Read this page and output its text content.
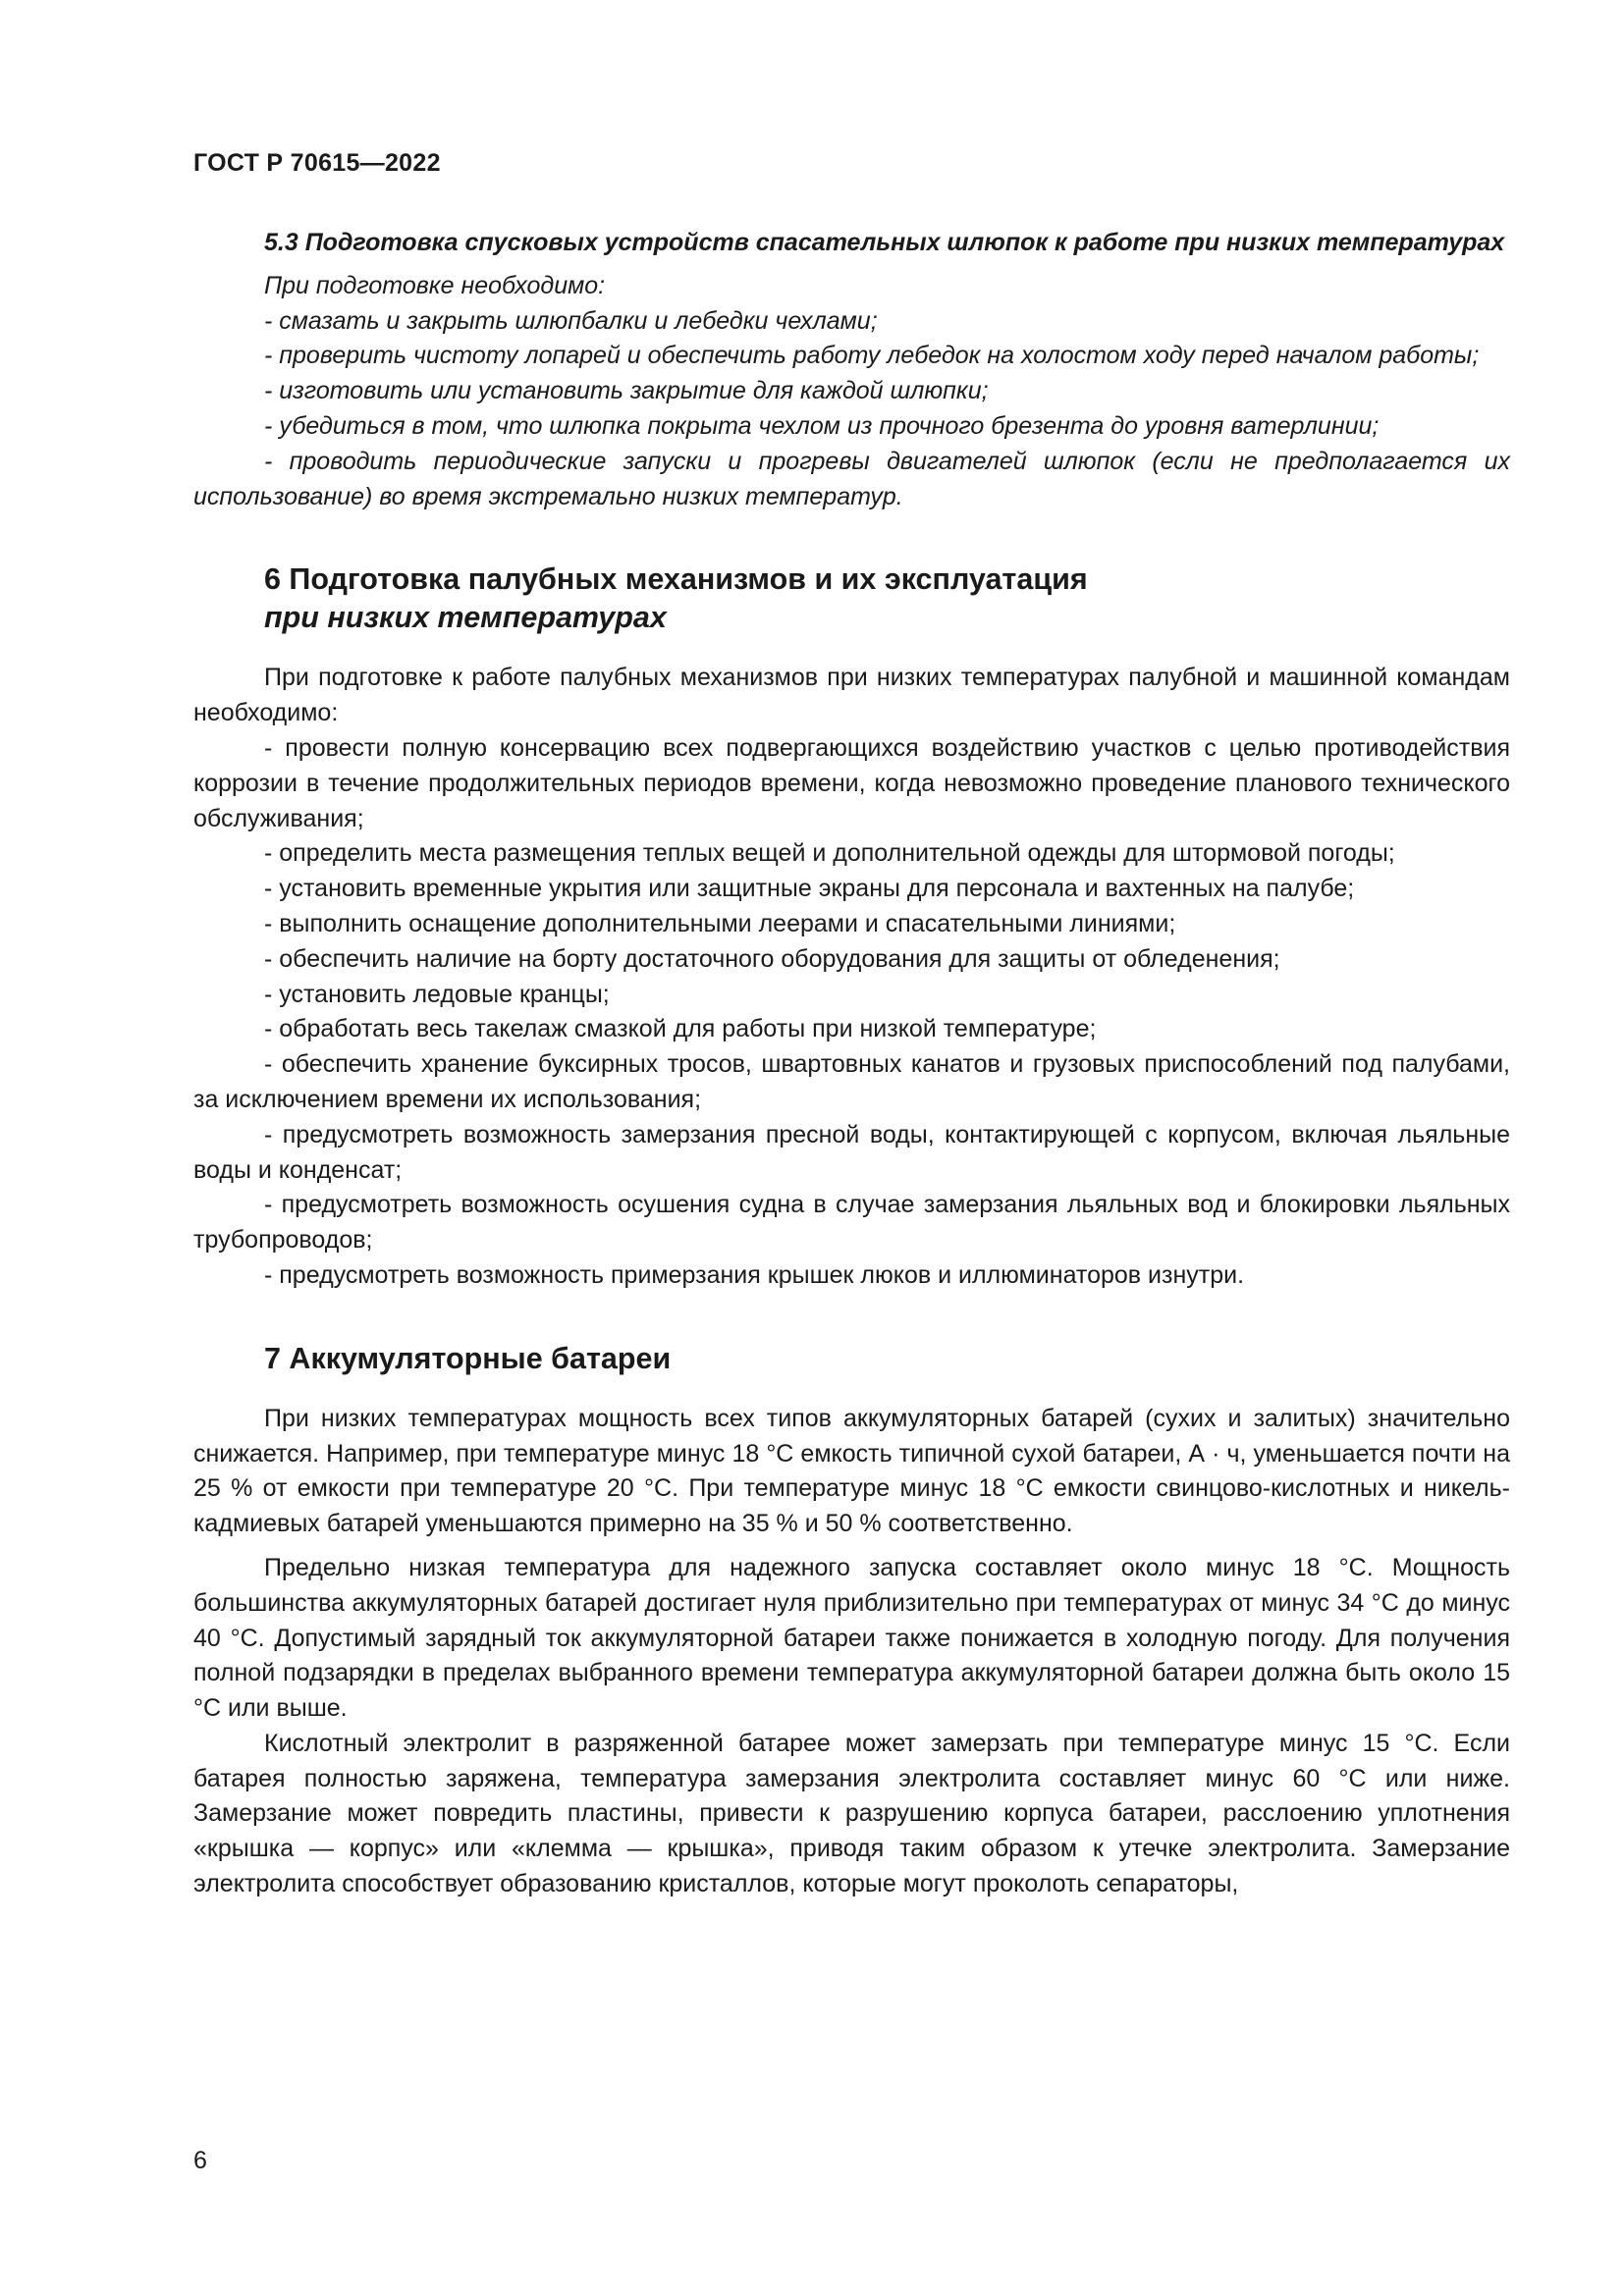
ГОСТ Р 70615—2022

5.3 Подготовка спусковых устройств спасательных шлюпок к работе при низких температурах

При подготовке необходимо:

- смазать и закрыть шлюпбалки и лебедки чехлами;

- проверить чистоту лопарей и обеспечить работу лебедок на холостом ходу перед началом работы;

- изготовить или установить закрытие для каждой шлюпки;

- убедиться в том, что шлюпка покрыта чехлом из прочного брезента до уровня ватерлинии;

- проводить периодические запуски и прогревы двигателей шлюпок (если не предполагается их использование) во время экстремально низких температур.

6 Подготовка палубных механизмов и их эксплуатация
при низких температурах

При подготовке к работе палубных механизмов при низких температурах палубной и машинной командам необходимо:

- провести полную консервацию всех подвергающихся воздействию участков с целью противодействия коррозии в течение продолжительных периодов времени, когда невозможно проведение планового технического обслуживания;

- определить места размещения теплых вещей и дополнительной одежды для штормовой погоды;

- установить временные укрытия или защитные экраны для персонала и вахтенных на палубе;

- выполнить оснащение дополнительными леерами и спасательными линиями;

- обеспечить наличие на борту достаточного оборудования для защиты от обледенения;

- установить ледовые кранцы;

- обработать весь такелаж смазкой для работы при низкой температуре;

- обеспечить хранение буксирных тросов, швартовных канатов и грузовых приспособлений под палубами, за исключением времени их использования;

- предусмотреть возможность замерзания пресной воды, контактирующей с корпусом, включая льяльные воды и конденсат;

- предусмотреть возможность осушения судна в случае замерзания льяльных вод и блокировки льяльных трубопроводов;

- предусмотреть возможность примерзания крышек люков и иллюминаторов изнутри.

7 Аккумуляторные батареи

При низких температурах мощность всех типов аккумуляторных батарей (сухих и залитых) значительно снижается. Например, при температуре минус 18 °С емкость типичной сухой батареи, А · ч, уменьшается почти на 25 % от емкости при температуре 20 °С. При температуре минус 18 °С емкости свинцово-кислотных и никель-кадмиевых батарей уменьшаются примерно на 35 % и 50 % соответственно.

Предельно низкая температура для надежного запуска составляет около минус 18 °С. Мощность большинства аккумуляторных батарей достигает нуля приблизительно при температурах от минус 34 °С до минус 40 °С. Допустимый зарядный ток аккумуляторной батареи также понижается в холодную погоду. Для получения полной подзарядки в пределах выбранного времени температура аккумуляторной батареи должна быть около 15 °С или выше.

Кислотный электролит в разряженной батарее может замерзать при температуре минус 15 °С. Если батарея полностью заряжена, температура замерзания электролита составляет минус 60 °С или ниже. Замерзание может повредить пластины, привести к разрушению корпуса батареи, расслоению уплотнения «крышка — корпус» или «клемма — крышка», приводя таким образом к утечке электролита. Замерзание электролита способствует образованию кристаллов, которые могут проколоть сепараторы,

6
